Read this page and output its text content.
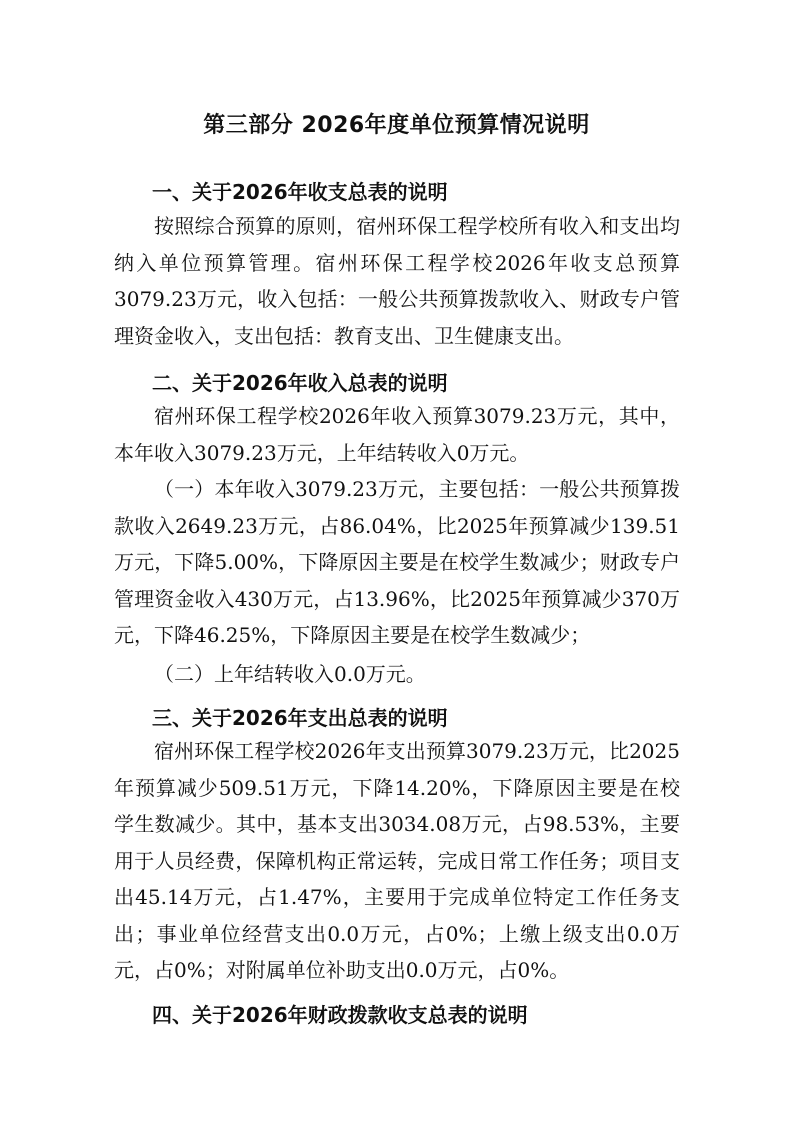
第三部分 2026年度单位预算情况说明
一、关于2026年收支总表的说明
按照综合预算的原则，宿州环保工程学校所有收入和支出均纳入单位预算管理。宿州环保工程学校2026年收支总预算3079.23万元，收入包括：一般公共预算拨款收入、财政专户管理资金收入，支出包括：教育支出、卫生健康支出。
二、关于2026年收入总表的说明
宿州环保工程学校2026年收入预算3079.23万元，其中，本年收入3079.23万元，上年结转收入0万元。
（一）本年收入3079.23万元，主要包括：一般公共预算拨款收入2649.23万元，占86.04%，比2025年预算减少139.51万元，下降5.00%，下降原因主要是在校学生数减少；财政专户管理资金收入430万元，占13.96%，比2025年预算减少370万元，下降46.25%，下降原因主要是在校学生数减少；
（二）上年结转收入0.0万元。
三、关于2026年支出总表的说明
宿州环保工程学校2026年支出预算3079.23万元，比2025年预算减少509.51万元，下降14.20%，下降原因主要是在校学生数减少。其中，基本支出3034.08万元，占98.53%，主要用于人员经费，保障机构正常运转，完成日常工作任务；项目支出45.14万元，占1.47%，主要用于完成单位特定工作任务支出；事业单位经营支出0.0万元，占0%；上缴上级支出0.0万元，占0%；对附属单位补助支出0.0万元，占0%。
四、关于2026年财政拨款收支总表的说明
